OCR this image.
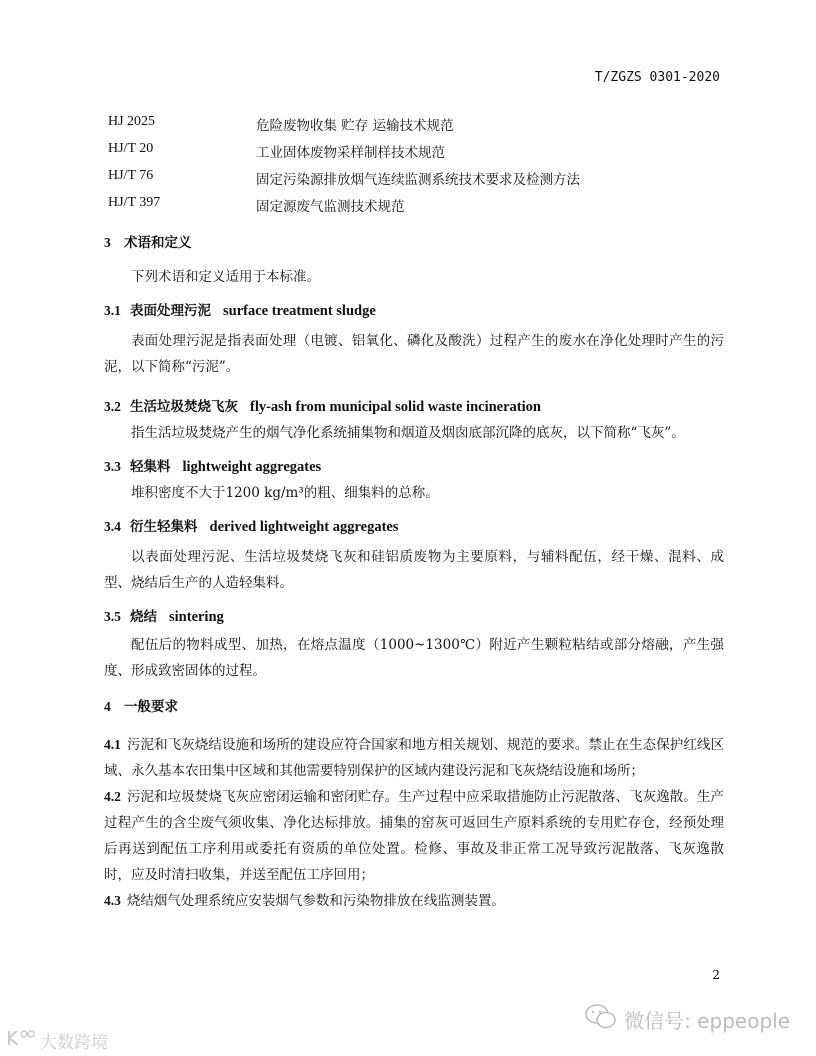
T/ZGZS 0301-2020
HJ 2025	危险废物收集 贮存 运输技术规范
HJ/T 20	工业固体废物采样制样技术规范
HJ/T 76	固定污染源排放烟气连续监测系统技术要求及检测方法
HJ/T 397	固定源废气监测技术规范
3 术语和定义

下列术语和定义适用于本标准。

3.1 表面处理污泥 surface treatment sludge

表面处理污泥是指表面处理（电镀、铝氧化、磷化及酸洗）过程产生的废水在净化处理时产生的污泥，以下简称“污泥”。

3.2 生活垃圾焚烧飞灰 fly-ash from municipal solid waste incineration

指生活垃圾焚烧产生的烟气净化系统捕集物和烟道及烟囱底部沉降的底灰，以下简称“飞灰”。

3.3 轻集料 lightweight aggregates

堆积密度不大于1200 kg/m³的粗、细集料的总称。

3.4 衍生轻集料 derived lightweight aggregates

以表面处理污泥、生活垃圾焚烧飞灰和硅铝质废物为主要原料，与辅料配伍，经干燥、混料、成型、烧结后生产的人造轻集料。

3.5 烧结 sintering

配伍后的物料成型、加热，在熔点温度（1000~1300℃）附近产生颗粒粘结或部分熔融，产生强度、形成致密固体的过程。

4 一般要求

4.1 污泥和飞灰烧结设施和场所的建设应符合国家和地方相关规划、规范的要求。禁止在生态保护红线区域、永久基本农田集中区域和其他需要特别保护的区域内建设污泥和飞灰烧结设施和场所；

4.2 污泥和垃圾焚烧飞灰应密闭运输和密闭贮存。生产过程中应采取措施防止污泥散落、飞灰逸散。生产过程产生的含尘废气须收集、净化达标排放。捕集的窑灰可返回生产原料系统的专用贮存仓，经预处理后再送到配伍工序利用或委托有资质的单位处置。检修、事故及非正常工况导致污泥散落、飞灰逸散时，应及时清扫收集，并送至配伍工序回用；

4.3 烧结烟气处理系统应安装烟气参数和污染物排放在线监测装置。

2
微信号: eppeople
大数跨境
